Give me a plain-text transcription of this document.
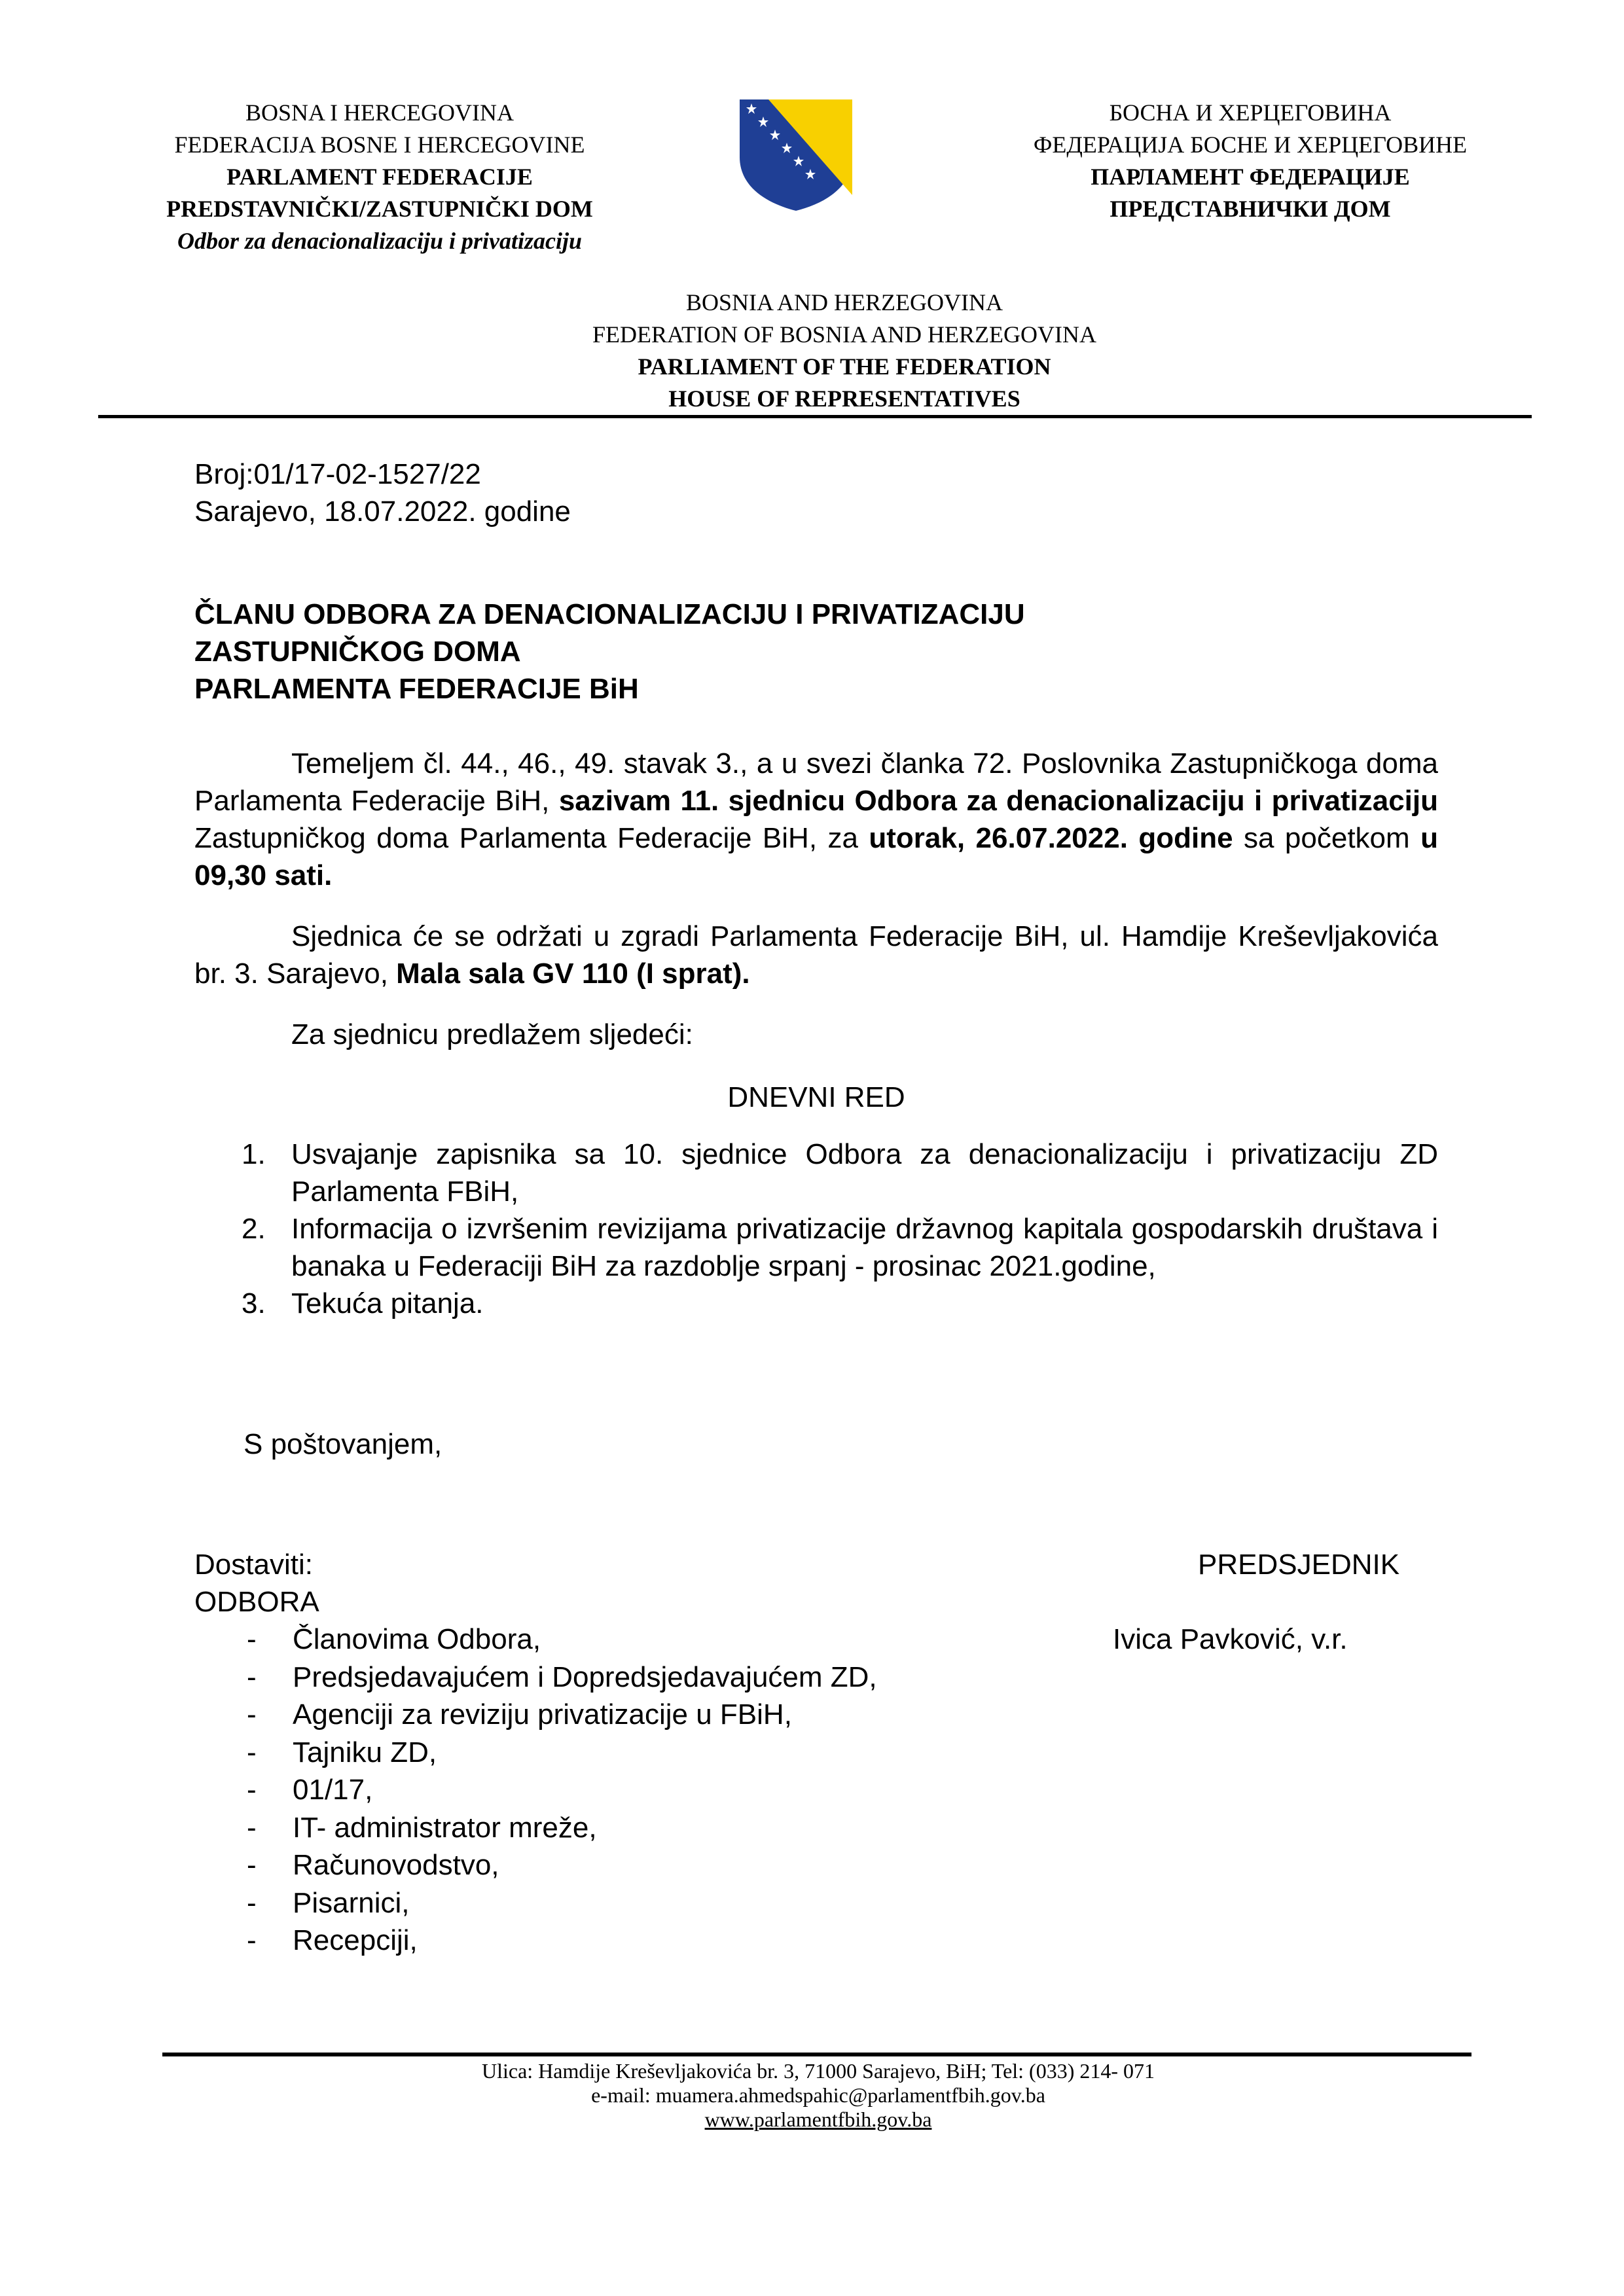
BOSNA I HERCEGOVINA
FEDERACIJA BOSNE I HERCEGOVINE
PARLAMENT FEDERACIJE
PREDSTAVNIČKI/ZASTUPNIČKI DOM
Odbor za denacionalizaciju i privatizaciju
БОСНА И ХЕРЦЕГОВИНА
ФЕДЕРАЦИЈА БОСНЕ И ХЕРЦЕГОВИНЕ
ПАРЛАМЕНТ ФЕДЕРАЦИЈЕ
ПРЕДСТАВНИЧКИ ДОМ
BOSNIA AND HERZEGOVINA
FEDERATION OF BOSNIA AND HERZEGOVINA
PARLIAMENT OF THE FEDERATION
HOUSE OF REPRESENTATIVES
Broj:01/17-02-1527/22
Sarajevo, 18.07.2022. godine
ČLANU ODBORA ZA DENACIONALIZACIJU I PRIVATIZACIJU
ZASTUPNIČKOG DOMA
PARLAMENTA FEDERACIJE BiH
Temeljem čl. 44., 46., 49. stavak 3., a u svezi članka 72. Poslovnika Zastupničkoga doma Parlamenta Federacije BiH, sazivam 11. sjednicu Odbora za denacionalizaciju i privatizaciju Zastupničkog doma Parlamenta Federacije BiH, za utorak, 26.07.2022. godine sa početkom u 09,30 sati.
Sjednica će se održati u zgradi Parlamenta Federacije BiH, ul. Hamdije Kreševljakovića br. 3. Sarajevo, Mala sala GV 110 (I sprat).
Za sjednicu predlažem sljedeći:
DNEVNI RED
1. Usvajanje zapisnika sa 10. sjednice Odbora za denacionalizaciju i privatizaciju ZD Parlamenta FBiH,
2. Informacija o izvršenim revizijama privatizacije državnog kapitala gospodarskih društava i banaka u Federaciji BiH za razdoblje srpanj - prosinac 2021.godine,
3. Tekuća pitanja.
S poštovanjem,
Dostaviti:	PREDSJEDNIK
ODBORA
Ivica Pavković, v.r.
- Članovima Odbora,
- Predsjedavajućem i Dopredsjedavajućem ZD,
- Agenciji za reviziju privatizacije u FBiH,
- Tajniku ZD,
- 01/17,
- IT- administrator mreže,
- Računovodstvo,
- Pisarnici,
- Recepciji,
Ulica: Hamdije Kreševljakovića br. 3, 71000 Sarajevo, BiH; Tel: (033) 214- 071
e-mail: muamera.ahmedspahic@parlamentfbih.gov.ba
www.parlamentfbih.gov.ba
